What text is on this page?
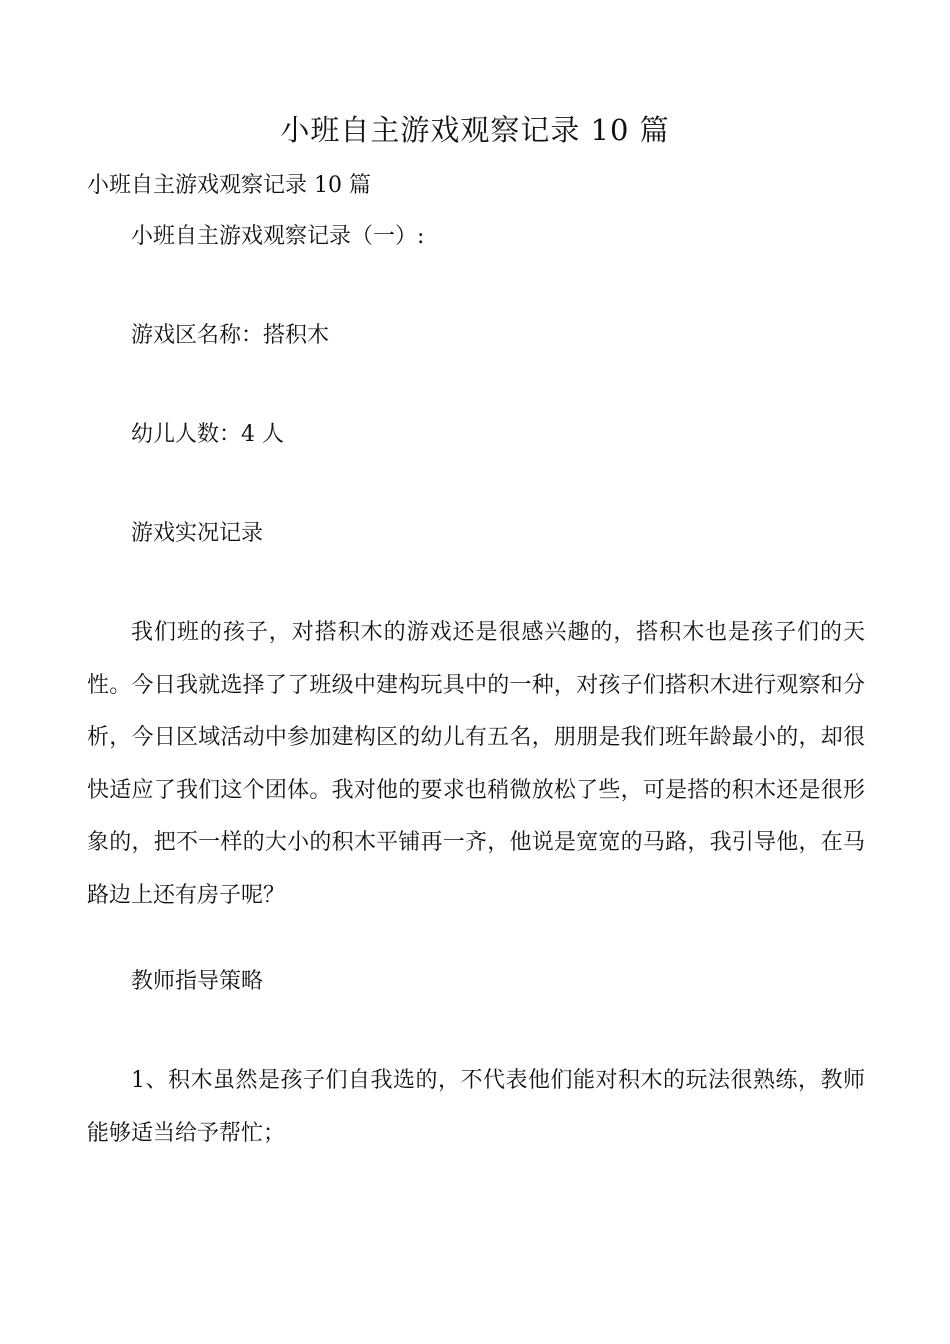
小班自主游戏观察记录 10 篇
小班自主游戏观察记录 10 篇
小班自主游戏观察记录（一）:
游戏区名称：搭积木
幼儿人数：4 人
游戏实况记录
我们班的孩子，对搭积木的游戏还是很感兴趣的，搭积木也是孩子们的天性。今日我就选择了了班级中建构玩具中的一种，对孩子们搭积木进行观察和分析，今日区域活动中参加建构区的幼儿有五名，朋朋是我们班年龄最小的，却很快适应了我们这个团体。我对他的要求也稍微放松了些，可是搭的积木还是很形象的，把不一样的大小的积木平铺再一齐，他说是宽宽的马路，我引导他，在马路边上还有房子呢？
教师指导策略
1、积木虽然是孩子们自我选的，不代表他们能对积木的玩法很熟练，教师能够适当给予帮忙；
